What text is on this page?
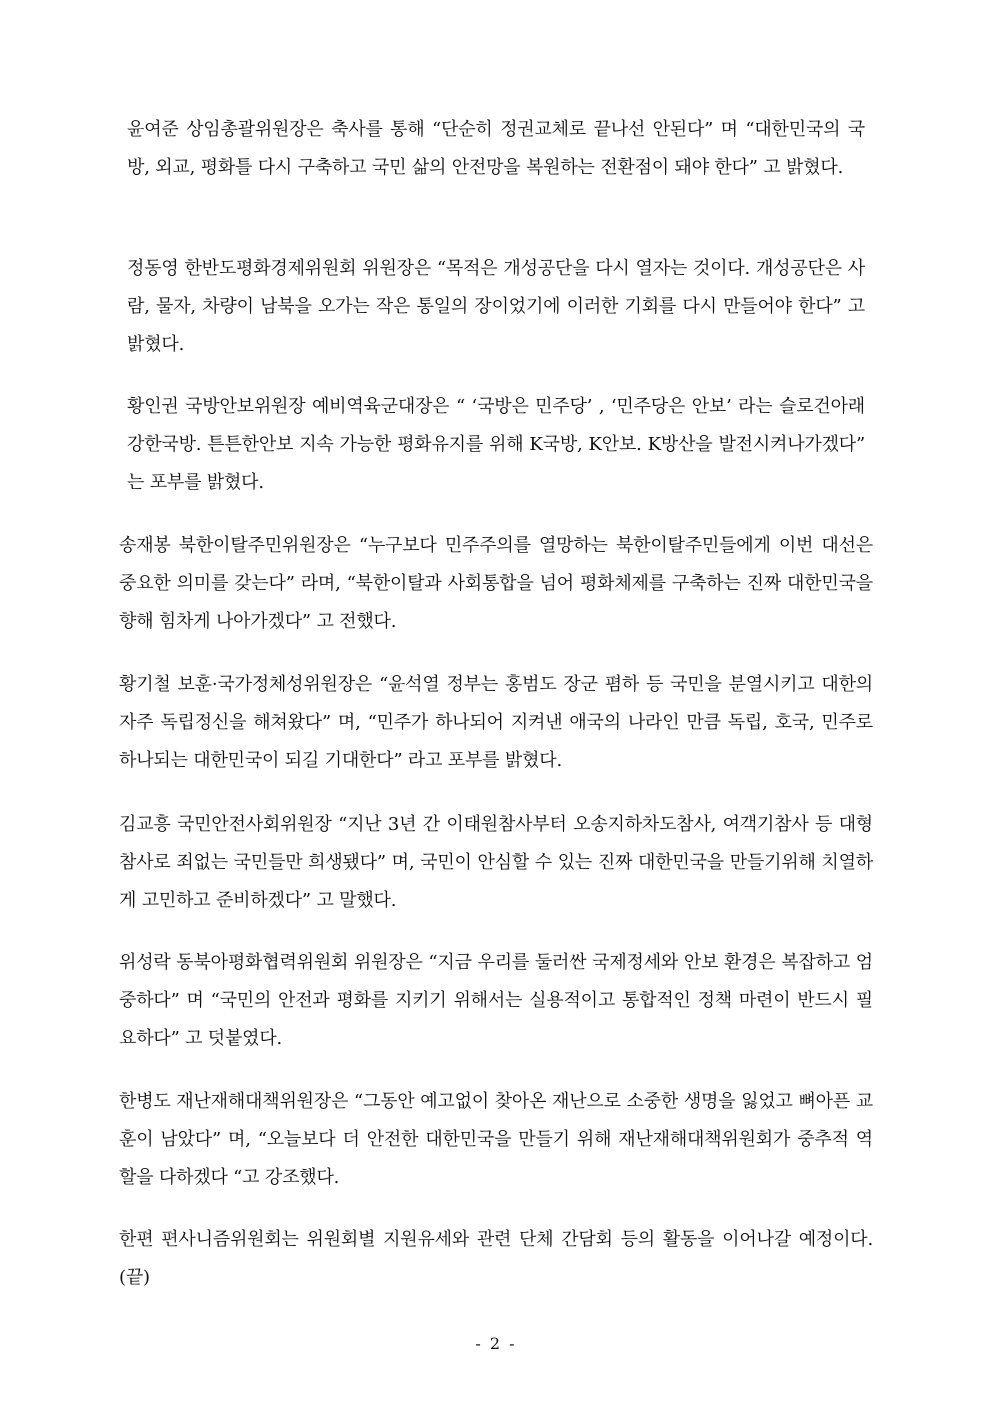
윤여준 상임총괄위원장은 축사를 통해 “단순히 정권교체로 끝나선 안된다” 며 “대한민국의 국방, 외교, 평화틀 다시 구축하고 국민 삶의 안전망을 복원하는 전환점이 돼야 한다” 고 밝혔다.

정동영 한반도평화경제위원회 위원장은 “목적은 개성공단을 다시 열자는 것이다. 개성공단은 사람, 물자, 차량이 남북을 오가는 작은 통일의 장이었기에 이러한 기회를 다시 만들어야 한다” 고 밝혔다.

황인권 국방안보위원장 예비역육군대장은 “ ‘국방은 민주당’ , ‘민주당은 안보’ 라는 슬로건아래 강한국방. 튼튼한안보 지속 가능한 평화유지를 위해 K국방, K안보. K방산을 발전시켜나가겠다” 는 포부를 밝혔다.

송재봉 북한이탈주민위원장은 “누구보다 민주주의를 열망하는 북한이탈주민들에게 이번 대선은 중요한 의미를 갖는다” 라며, “북한이탈과 사회통합을 넘어 평화체제를 구축하는 진짜 대한민국을 향해 힘차게 나아가겠다” 고 전했다.

황기철 보훈·국가정체성위원장은 “윤석열 정부는 홍범도 장군 폄하 등 국민을 분열시키고 대한의 자주 독립정신을 해쳐왔다” 며, “민주가 하나되어 지켜낸 애국의 나라인 만큼 독립, 호국, 민주로 하나되는 대한민국이 되길 기대한다” 라고 포부를 밝혔다.

김교흥 국민안전사회위원장 “지난 3년 간 이태원참사부터 오송지하차도참사, 여객기참사 등 대형참사로 죄없는 국민들만 희생됐다” 며, 국민이 안심할 수 있는 진짜 대한민국을 만들기위해 치열하게 고민하고 준비하겠다” 고 말했다.

위성락 동북아평화협력위원회 위원장은 “지금 우리를 둘러싼 국제정세와 안보 환경은 복잡하고 엄중하다” 며 “국민의 안전과 평화를 지키기 위해서는 실용적이고 통합적인 정책 마련이 반드시 필요하다” 고 덧붙였다.

한병도 재난재해대책위원장은 “그동안 예고없이 찾아온 재난으로 소중한 생명을 잃었고 뼈아픈 교훈이 남았다” 며, “오늘보다 더 안전한 대한민국을 만들기 위해 재난재해대책위원회가 중추적 역할을 다하겠다 “고 강조했다.

한편 편사니즘위원회는 위원회별 지원유세와 관련 단체 간담회 등의 활동을 이어나갈 예정이다. (끝)

- 2 -
